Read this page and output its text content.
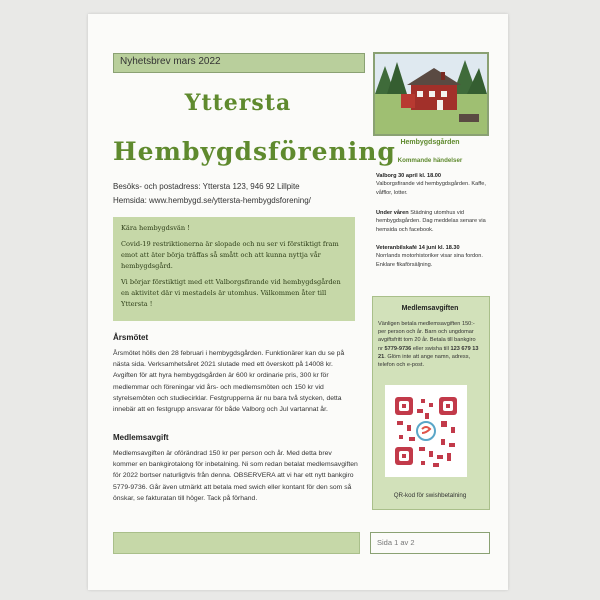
Nyhetsbrev mars 2022
Yttersta
Hembygdsförening
Besöks- och postadress: Yttersta 123, 946 92 Lillpite
Hemsida: www.hembygd.se/yttersta-hembygdsforening/

Kära hembygdsvän !

Covid-19 restriktionerna är slopade och nu ser vi förstiktigt fram emot att äter börja träffas så smått och att kunna nyttja vår hembygdsgård.

Vi börjar förstiktigt med ett Valborgsfirande vid hembygdsgården en aktivitet där vi mestadels är utomhus. Välkommen åter till Yttersta !

Årsmötet
Årsmötet hölls den 28 februari i hembygdsgården. Funktionärer kan du se på nästa sida. Verksamhetsåret 2021 slutade med ett överskott på 14008 kr. Avgiften för att hyra hembygdsgården är 600 kr ordinarie pris, 300 kr för medlemmar och föreningar vid års- och medlemsmöten och 150 kr vid styrelsemöten och studiecirklar. Festgrupperna är nu bara två stycken, detta innebär att en festgrupp ansvarar för både Valborg och Jul vartannat år.
Medlemsavgift
Medlemsavgiften är oförändrad 150 kr per person och år. Med detta brev kommer en bankgirotalong för inbetalning. Ni som redan betalat medlemsavgiften för 2022 bortser naturligtvis från denna. OBSERVERA att vi har ett nytt bankgiro 5779-9736. Går även utmärkt att betala med swich eller kontant för den som så önskar, se fakturatan till höger. Tack på förhand.
Hembygdsgården
Kommande händelser
Valborg 30 april kl. 18.00
Valborgsfirande vid hembygdsgården. Kaffe, våfflor, lotter.
Under våren Städning utomhus vid hembygdsgården. Dag meddelas senare via hemsida och facebook.
Veteranbilskafé 14 juni kl. 18.30
Norrlands motorhistoriker visar sina fordon. Enklare fikaförsäljning.
Medlemsavgiften
Vänligen betala medlemsavgiften 150:- per person och år. Barn och ungdomar avgiftsfritt tom 20 år. Betala till bankgiro nr 5779-9736 eller swisha till 123 679 13 21. Glöm inte att ange namn, adress, telefon och e-post.
QR-kod för swishbetalning
Sida 1 av 2
